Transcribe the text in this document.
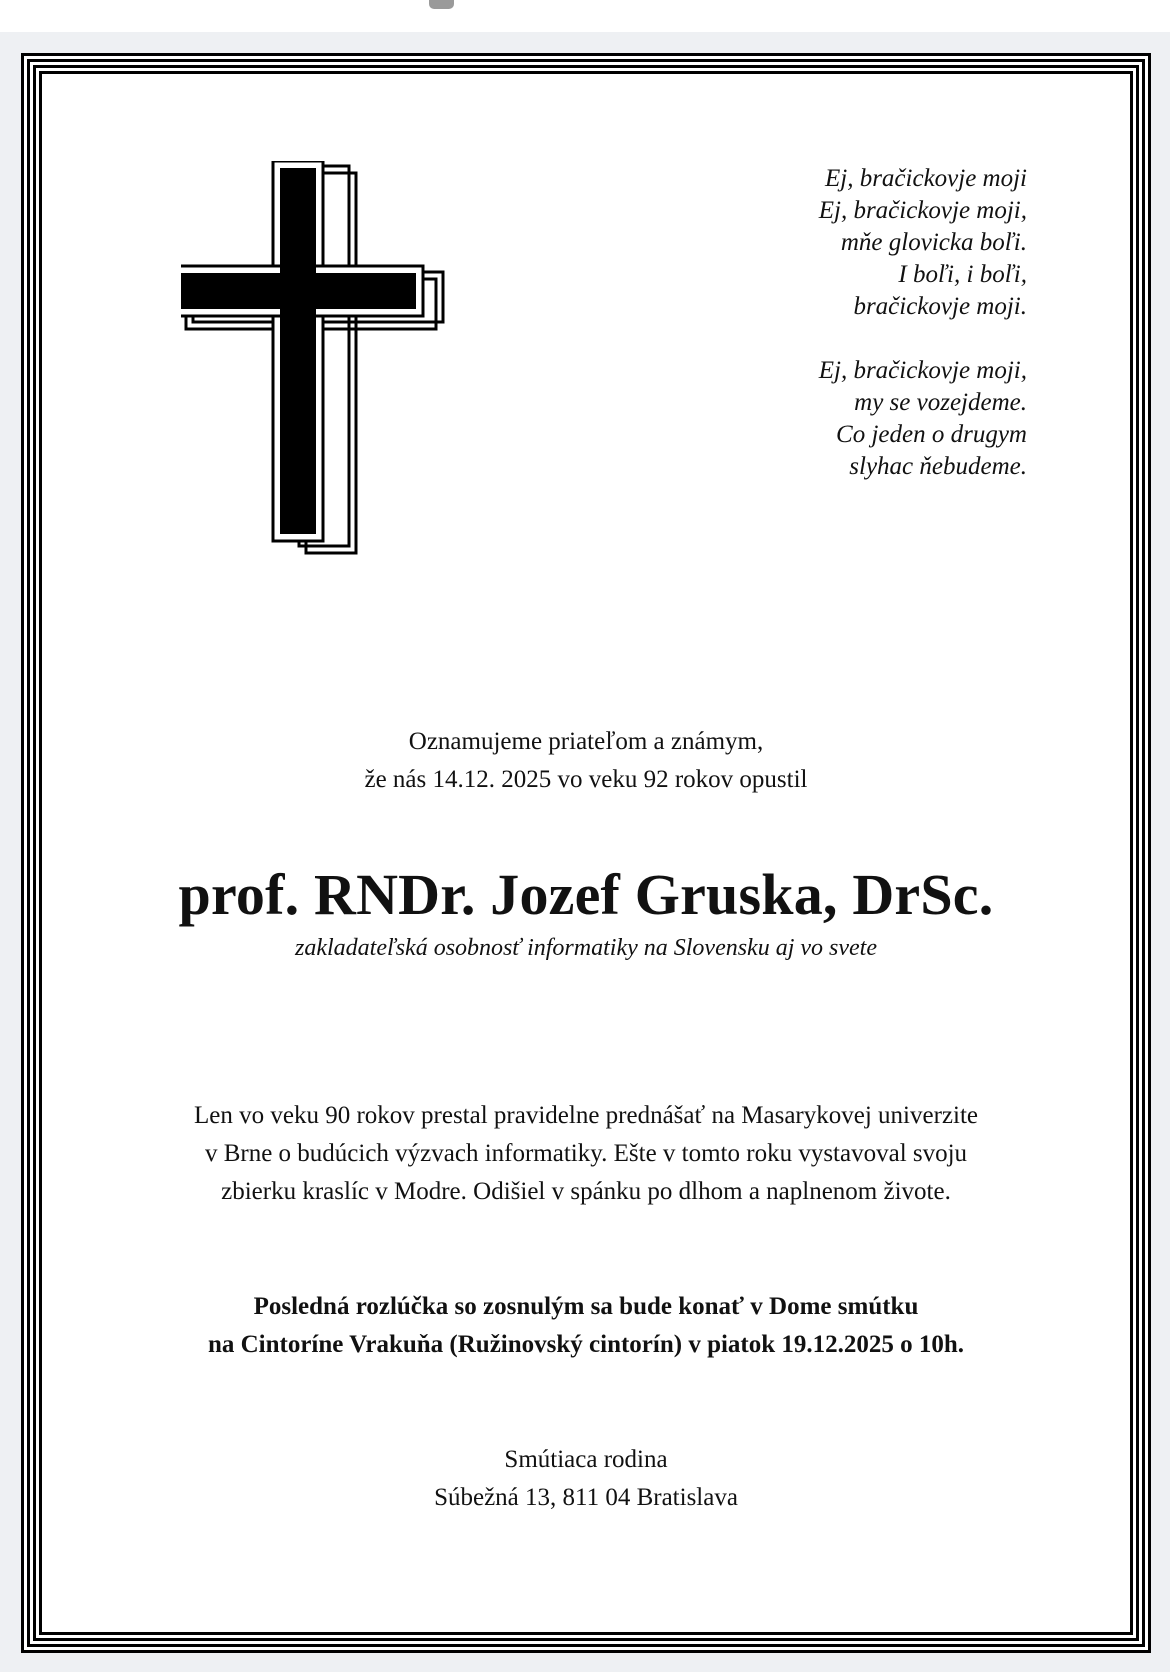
Ej, bračickovje moji
Ej, bračickovje moji,
mňe glovicka boľi.
I boľi, i boľi,
bračickovje moji.
Ej, bračickovje moji,
my se vozejdeme.
Co jeden o drugym
slyhac ňebudeme.
Oznamujeme priateľom a známym,
že nás 14.12. 2025 vo veku 92 rokov opustil
prof. RNDr. Jozef Gruska, DrSc.
zakladateľská osobnosť informatiky na Slovensku aj vo svete
Len vo veku 90 rokov prestal pravidelne prednášať na Masarykovej univerzite
v Brne o budúcich výzvach informatiky. Ešte v tomto roku vystavoval svoju
zbierku kraslíc v Modre. Odišiel v spánku po dlhom a naplnenom živote.
Posledná rozlúčka so zosnulým sa bude konať v Dome smútku
na Cintoríne Vrakuňa (Ružinovský cintorín) v piatok 19.12.2025 o 10h.
Smútiaca rodina
Súbežná 13, 811 04 Bratislava
